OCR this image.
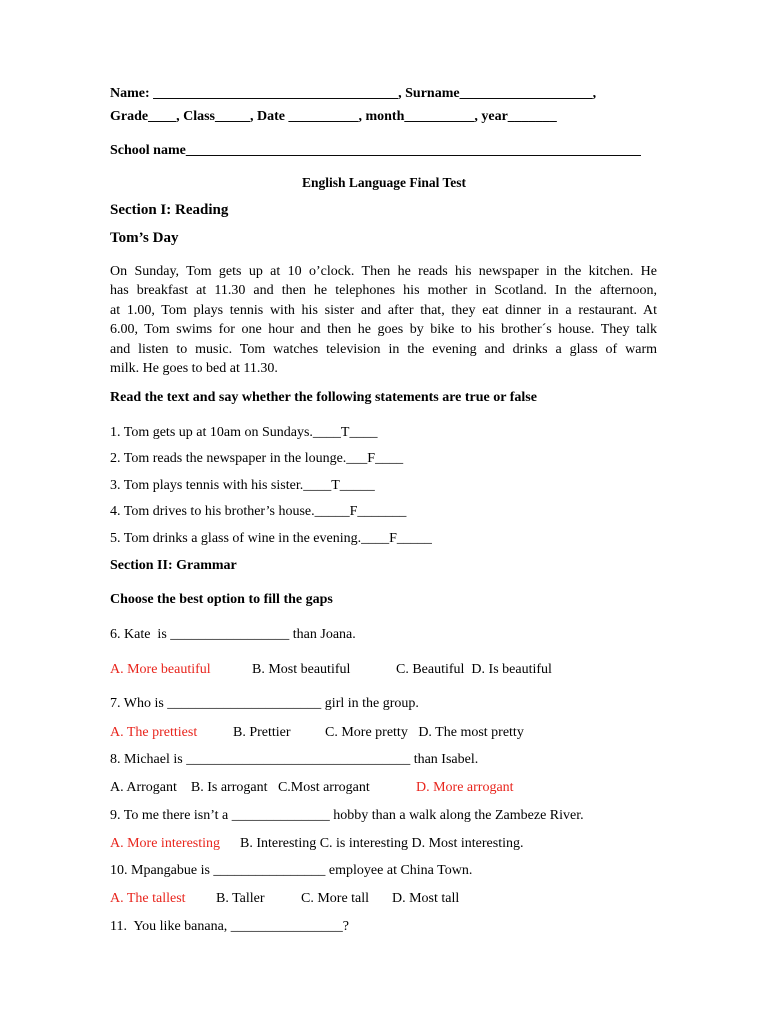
Name: ___________________________________, Surname___________________,
Grade____, Class_____, Date __________, month__________, year_______
School name_________________________________________________________________
English Language Final Test
Section I: Reading
Tom’s Day
On Sunday, Tom gets up at 10 o’clock. Then he reads his newspaper in the kitchen. He
has breakfast at 11.30 and then he telephones his mother in Scotland. In the afternoon,
at 1.00, Tom plays tennis with his sister and after that, they eat dinner in a restaurant. At
6.00, Tom swims for one hour and then he goes by bike to his brother´s house. They talk
and listen to music. Tom watches television in the evening and drinks a glass of warm
milk. He goes to bed at 11.30.
Read the text and say whether the following statements are true or false
1. Tom gets up at 10am on Sundays.____T____
2. Tom reads the newspaper in the lounge.___F____
3. Tom plays tennis with his sister.____T_____
4. Tom drives to his brother’s house._____F_______
5. Tom drinks a glass of wine in the evening.____F_____
Section II: Grammar
Choose the best option to fill the gaps
6. Kate  is _________________ than Joana.
A. More beautiful	B. Most beautiful	C. Beautiful  D. Is beautiful
7. Who is ______________________ girl in the group.
A. The prettiest	B. Prettier C. More pretty   D. The most pretty
8. Michael is ________________________________ than Isabel.
A. Arrogant    B. Is arrogant   C.Most arrogant	D. More arrogant
9. To me there isn’t a ______________ hobby than a walk along the Zambeze River.
A. More interesting B. Interesting C. is interesting D. Most interesting.
10. Mpangabue is ________________ employee at China Town.
A. The tallest B. Taller	C. More tall D. Most tall
11.  You like banana, ________________?
